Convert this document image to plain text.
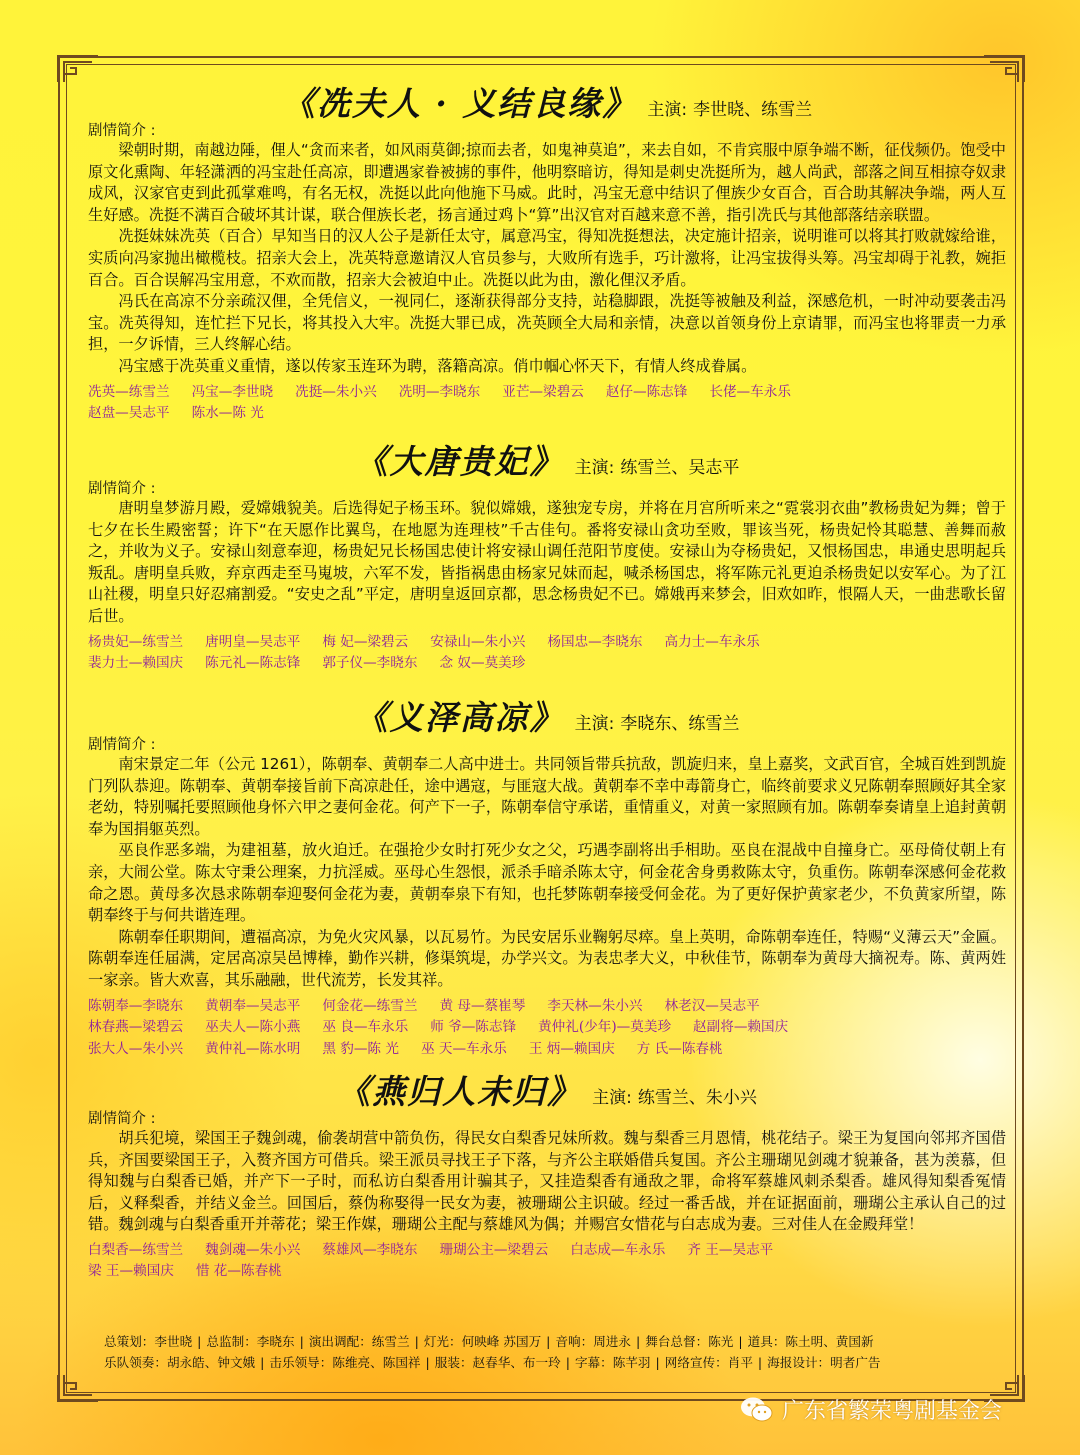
《冼夫人 · 义结良缘》 主演: 李世晓、练雪兰
剧情简介 :

梁朝时期，南越边陲，俚人“贪而来者，如风雨莫御;掠而去者，如鬼神莫追”，来去自如，不肯宾服中原争端不断，征伐频仍。饱受中原文化熏陶、年轻潇洒的冯宝赴任高凉，即遭遇家眷被掳的事件，他明察暗访，得知是刺史冼挺所为，越人尚武，部落之间互相掠夺奴隶成风，汉家官吏到此孤掌难鸣，有名无权，冼挺以此向他施下马威。此时，冯宝无意中结识了俚族少女百合，百合助其解决争端，两人互生好感。冼挺不满百合破坏其计谋，联合俚族长老，扬言通过鸡卜“算”出汉官对百越来意不善，指引冼氏与其他部落结亲联盟。

冼挺妹妹冼英（百合）早知当日的汉人公子是新任太守，属意冯宝，得知冼挺想法，决定施计招亲，说明谁可以将其打败就嫁给谁，实质向冯家抛出橄榄枝。招亲大会上，冼英特意邀请汉人官员参与，大败所有选手，巧计激将，让冯宝拔得头筹。冯宝却碍于礼教，婉拒百合。百合误解冯宝用意，不欢而散，招亲大会被迫中止。冼挺以此为由，激化俚汉矛盾。

冯氏在高凉不分亲疏汉俚，全凭信义，一视同仁，逐渐获得部分支持，站稳脚跟，冼挺等被触及利益，深感危机，一时冲动要袭击冯宝。冼英得知，连忙拦下兄长，将其投入大牢。冼挺大罪已成，冼英顾全大局和亲情，决意以首领身份上京请罪，而冯宝也将罪责一力承担，一夕诉情，三人终解心结。

冯宝感于冼英重义重情，遂以传家玉连环为聘，落籍高凉。俏巾帼心怀天下，有情人终成眷属。

冼英—练雪兰 冯宝—李世晓 冼挺—朱小兴 冼明—李晓东 亚芒—梁碧云 赵仔—陈志锋 长佬—车永乐
赵盘—吴志平 陈水—陈 光
《大唐贵妃》 主演: 练雪兰、吴志平
剧情简介 :

唐明皇梦游月殿，爱嫦娥貌美。后选得妃子杨玉环。貌似嫦娥，遂独宠专房，并将在月宫所听来之“霓裳羽衣曲”教杨贵妃为舞；曾于七夕在长生殿密誓；许下“在天愿作比翼鸟，在地愿为连理枝”千古佳句。番将安禄山贪功至败，罪该当死，杨贵妃怜其聪慧、善舞而赦之，并收为义子。安禄山刻意奉迎，杨贵妃兄长杨国忠使计将安禄山调任范阳节度使。安禄山为夺杨贵妃，又恨杨国忠，串通史思明起兵叛乱。唐明皇兵败，弃京西走至马嵬坡，六军不发，皆指祸患由杨家兄妹而起，喊杀杨国忠，将军陈元礼更迫杀杨贵妃以安军心。为了江山社稷，明皇只好忍痛割爱。“安史之乱”平定，唐明皇返回京都，思念杨贵妃不已。嫦娥再来梦会，旧欢如昨，恨隔人天，一曲悲歌长留后世。

杨贵妃—练雪兰 唐明皇—吴志平 梅 妃—梁碧云 安禄山—朱小兴 杨国忠—李晓东 高力士—车永乐
裴力士—赖国庆 陈元礼—陈志锋 郭子仪—李晓东 念 奴—莫美珍
《义泽高凉》 主演: 李晓东、练雪兰
剧情简介 :

南宋景定二年（公元 1261），陈朝奉、黄朝奉二人高中进士。共同领旨带兵抗敌，凯旋归来，皇上嘉奖，文武百官，全城百姓到凯旋门列队恭迎。陈朝奉、黄朝奉接旨前下高凉赴任，途中遇寇，与匪寇大战。黄朝奉不幸中毒箭身亡，临终前要求义兄陈朝奉照顾好其全家老幼，特别嘱托要照顾他身怀六甲之妻何金花。何产下一子，陈朝奉信守承诺，重情重义，对黄一家照顾有加。陈朝奉奏请皇上追封黄朝奉为国捐躯英烈。

巫良作恶多端，为建祖墓，放火迫迁。在强抢少女时打死少女之父，巧遇李副将出手相助。巫良在混战中自撞身亡。巫母倚仗朝上有亲，大闹公堂。陈太守秉公理案，力抗淫威。巫母心生怨恨，派杀手暗杀陈太守，何金花舍身勇救陈太守，负重伤。陈朝奉深感何金花救命之恩。黄母多次恳求陈朝奉迎娶何金花为妻，黄朝奉泉下有知，也托梦陈朝奉接受何金花。为了更好保护黄家老少，不负黄家所望，陈朝奉终于与何共谐连理。

陈朝奉任职期间，遭福高凉，为免火灾风暴，以瓦易竹。为民安居乐业鞠躬尽瘁。皇上英明，命陈朝奉连任，特赐“义薄云天”金匾。陈朝奉连任届满，定居高凉吴邑博棒，勤作兴耕，修渠筑堤，办学兴文。为表忠孝大义，中秋佳节，陈朝奉为黄母大摘祝寿。陈、黄两姓一家亲。皆大欢喜，其乐融融，世代流芳，长发其祥。

陈朝奉—李晓东 黄朝奉—吴志平 何金花—练雪兰 黄 母—蔡崔琴 李天林—朱小兴 林老汉—吴志平
林春燕—梁碧云 巫夫人—陈小燕 巫 良—车永乐 师 爷—陈志锋 黄仲礼(少年)—莫美珍 赵副将—赖国庆
张大人—朱小兴 黄仲礼—陈水明 黑 豹—陈 光 巫 天—车永乐 王 炳—赖国庆 方 氏—陈春桃
《燕归人未归》 主演: 练雪兰、朱小兴
剧情简介 :

胡兵犯境，梁国王子魏剑魂，偷袭胡营中箭负伤，得民女白梨香兄妹所救。魏与梨香三月恩情，桃花结子。梁王为复国向邻邦齐国借兵，齐国要梁国王子，入赘齐国方可借兵。梁王派员寻找王子下落，与齐公主联婚借兵复国。齐公主珊瑚见剑魂才貌兼备，甚为羡慕，但得知魏与白梨香已婚，并产下一子时，而私访白梨香用计骗其子，又挂造梨香有通敌之罪，命将军蔡雄风刺杀梨香。雄风得知梨香冤情后，义释梨香，并结义金兰。回国后，蔡伪称娶得一民女为妻，被珊瑚公主识破。经过一番舌战，并在证据面前，珊瑚公主承认自己的过错。魏剑魂与白梨香重开并蒂花；梁王作媒，珊瑚公主配与蔡雄风为偶；并赐宫女惜花与白志成为妻。三对佳人在金殿拜堂！

白梨香—练雪兰 魏剑魂—朱小兴 蔡雄风—李晓东 珊瑚公主—梁碧云 白志成—车永乐 齐 王—吴志平
梁 王—赖国庆 惜 花—陈春桃
总策划：李世晓 | 总监制：李晓东 | 演出调配：练雪兰 | 灯光：何映峰 苏国万 | 音响：周进永 | 舞台总督：陈光 | 道具：陈土明、黄国新
乐队领奏：胡永皓、钟文娥 | 击乐领导：陈维亮、陈国祥 | 服装：赵春华、布一玲 | 字幕：陈芊羽 | 网络宣传：肖平 | 海报设计：明者广告
广东省繁荣粤剧基金会
